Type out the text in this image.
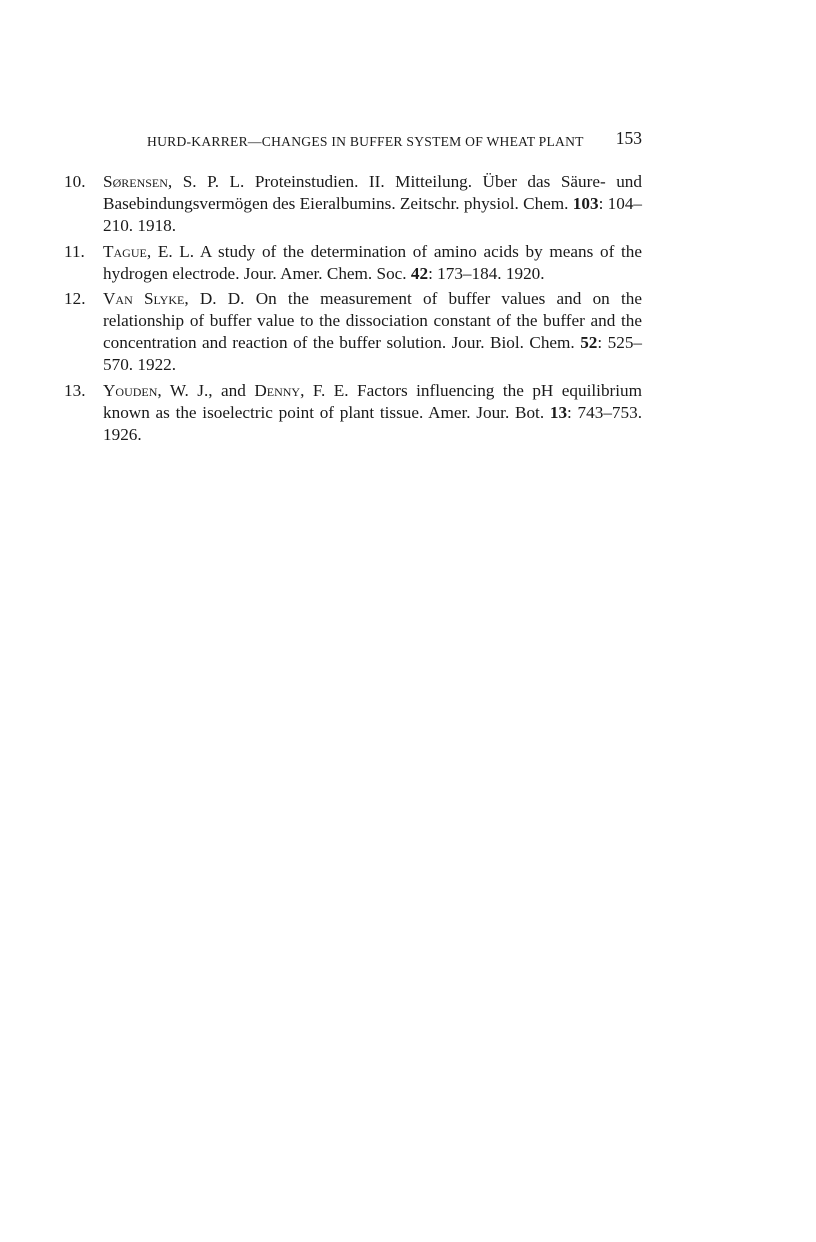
HURD-KARRER—CHANGES IN BUFFER SYSTEM OF WHEAT PLANT 153

10. Sørensen, S. P. L. Proteinstudien. II. Mitteilung. Über das Säure- und Basebindungsvermögen des Eieralbumins. Zeitschr. physiol. Chem. 103: 104–210. 1918.

11. Tague, E. L. A study of the determination of amino acids by means of the hydrogen electrode. Jour. Amer. Chem. Soc. 42: 173–184. 1920.

12. Van Slyke, D. D. On the measurement of buffer values and on the relationship of buffer value to the dissociation constant of the buffer and the concentration and reaction of the buffer solution. Jour. Biol. Chem. 52: 525–570. 1922.

13. Youden, W. J., and Denny, F. E. Factors influencing the pH equilibrium known as the isoelectric point of plant tissue. Amer. Jour. Bot. 13: 743–753. 1926.
